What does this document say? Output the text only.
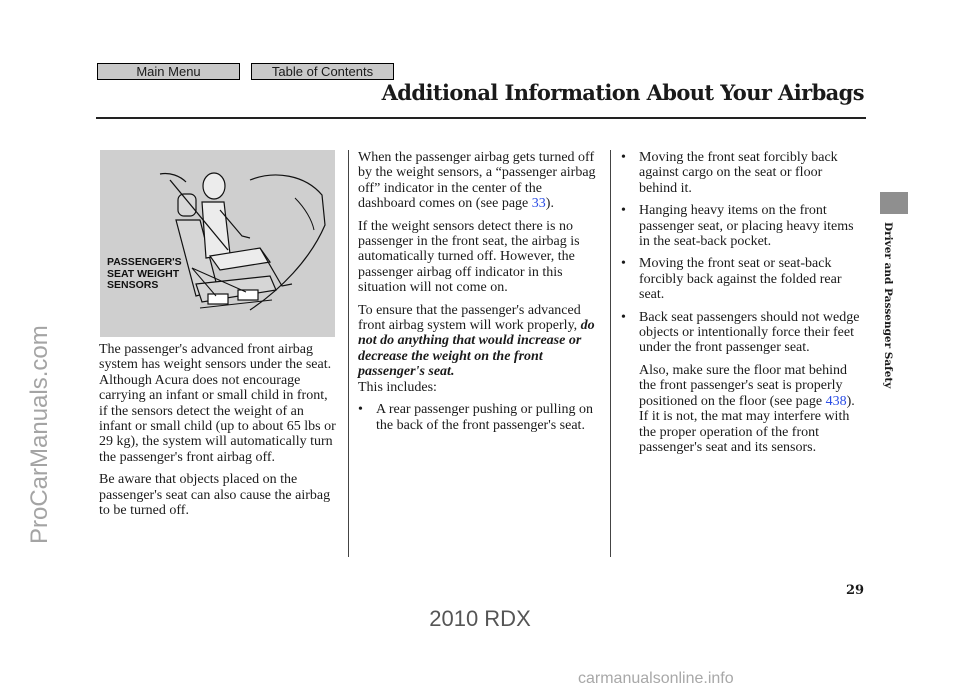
Main Menu	Table of Contents
Additional Information About Your Airbags
Driver and Passenger Safety
ProCarManuals.com
PASSENGER'S
SEAT WEIGHT
SENSORS

The passenger's advanced front airbag system has weight sensors under the seat. Although Acura does not encourage carrying an infant or small child in front, if the sensors detect the weight of an infant or small child (up to about 65 lbs or 29 kg), the system will automatically turn the passenger's front airbag off.

Be aware that objects placed on the passenger's seat can also cause the airbag to be turned off.

When the passenger airbag gets turned off by the weight sensors, a “passenger airbag off” indicator in the center of the dashboard comes on (see page 33).

If the weight sensors detect there is no passenger in the front seat, the airbag is automatically turned off. However, the passenger airbag off indicator in this situation will not come on.

To ensure that the passenger's advanced front airbag system will work properly, do not do anything that would increase or decrease the weight on the front passenger's seat.

This includes:

• A rear passenger pushing or pulling on the back of the front passenger's seat.
• Moving the front seat forcibly back against cargo on the seat or floor behind it.
• Hanging heavy items on the front passenger seat, or placing heavy items in the seat-back pocket.
• Moving the front seat or seat-back forcibly back against the folded rear seat.
• Back seat passengers should not wedge objects or intentionally force their feet under the front passenger seat.

Also, make sure the floor mat behind the front passenger's seat is properly positioned on the floor (see page 438). If it is not, the mat may interfere with the proper operation of the front passenger's seat and its sensors.

29
2010 RDX
carmanualsonline.info
